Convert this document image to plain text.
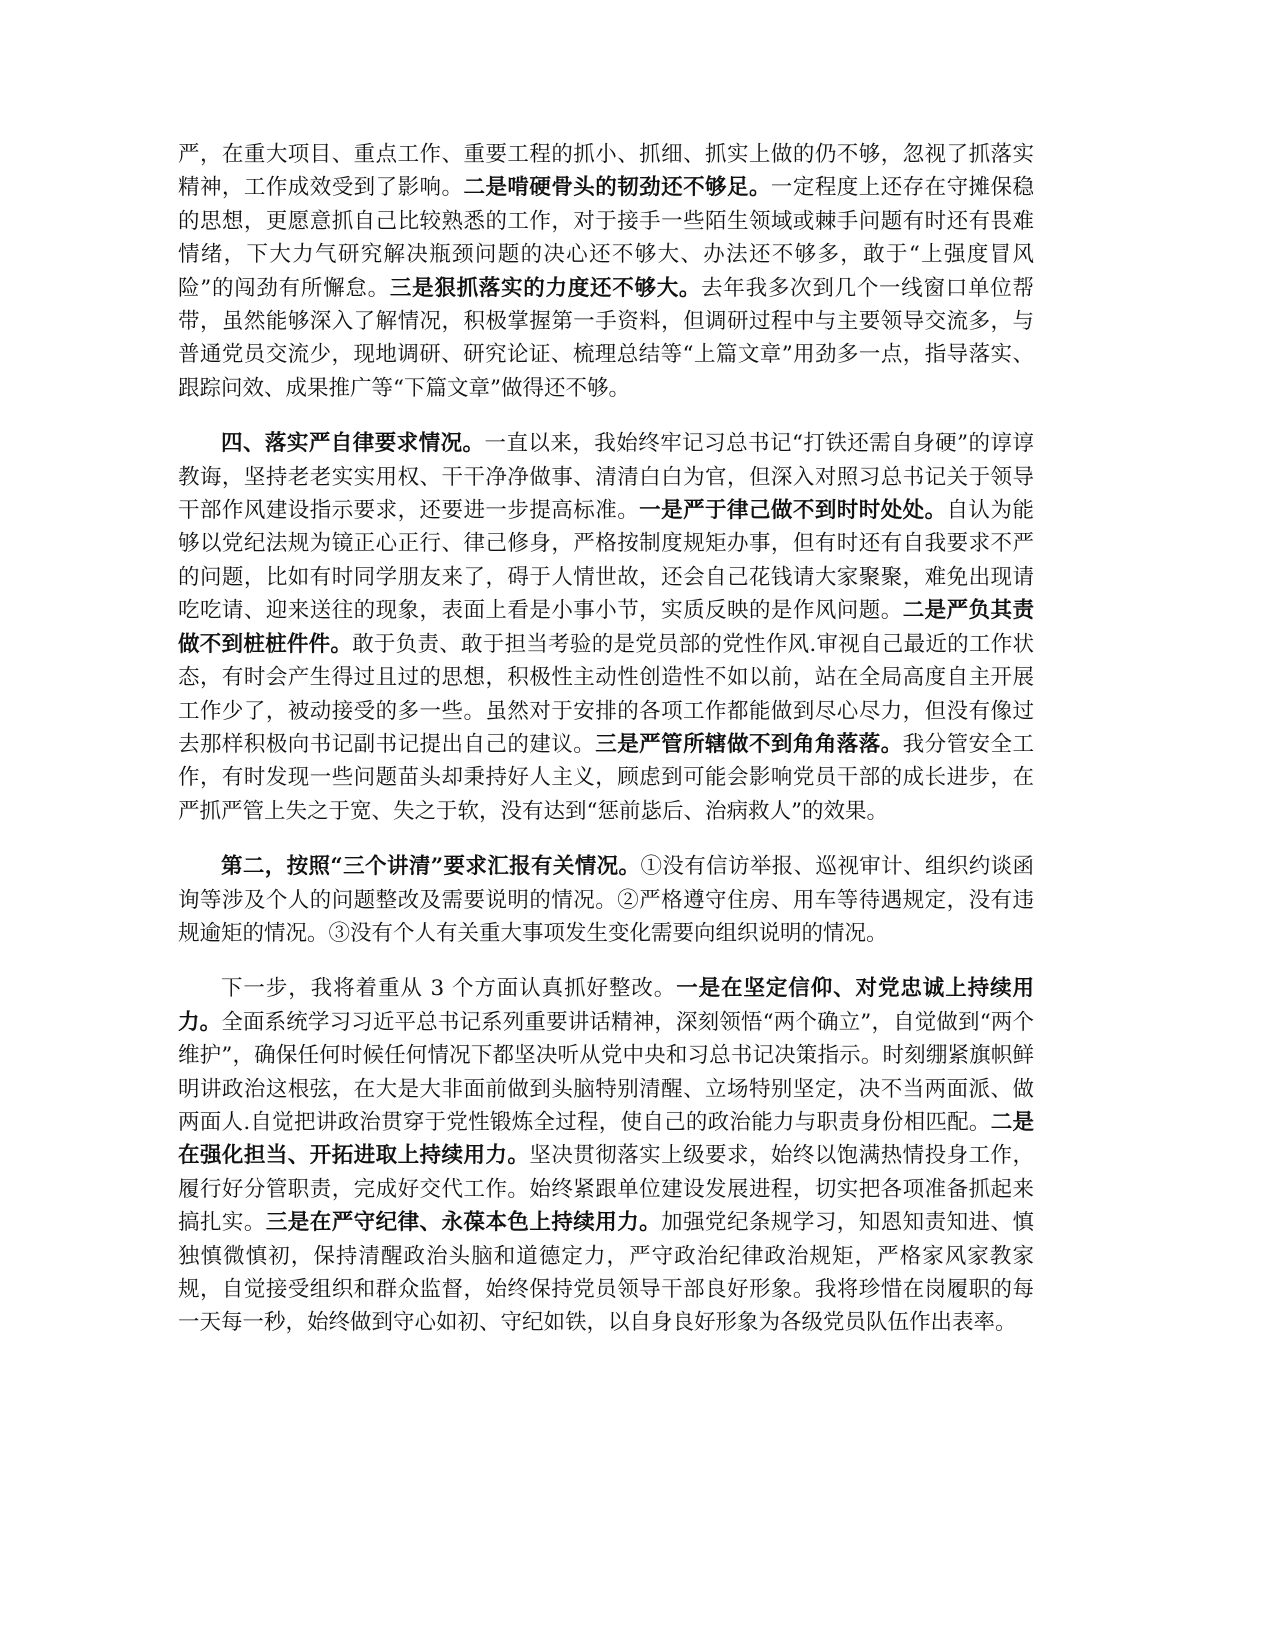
严，在重大项目、重点工作、重要工程的抓小、抓细、抓实上做的仍不够，忽视了抓落实精神，工作成效受到了影响。二是啃硬骨头的韧劲还不够足。一定程度上还存在守摊保稳的思想，更愿意抓自己比较熟悉的工作，对于接手一些陌生领域或棘手问题有时还有畏难情绪，下大力气研究解决瓶颈问题的决心还不够大、办法还不够多，敢于“上强度冒风险”的闯劲有所懈怠。三是狠抓落实的力度还不够大。去年我多次到几个一线窗口单位帮带，虽然能够深入了解情况，积极掌握第一手资料，但调研过程中与主要领导交流多，与普通党员交流少，现地调研、研究论证、梳理总结等“上篇文章”用劲多一点，指导落实、跟踪问效、成果推广等“下篇文章”做得还不够。

四、落实严自律要求情况。一直以来，我始终牢记习总书记“打铁还需自身硬”的谆谆教诲，坚持老老实实用权、干干净净做事、清清白白为官，但深入对照习总书记关于领导干部作风建设指示要求，还要进一步提高标准。一是严于律己做不到时时处处。自认为能够以党纪法规为镜正心正行、律己修身，严格按制度规矩办事，但有时还有自我要求不严的问题，比如有时同学朋友来了，碍于人情世故，还会自己花钱请大家聚聚，难免出现请吃吃请、迎来送往的现象，表面上看是小事小节，实质反映的是作风问题。二是严负其责做不到桩桩件件。敢于负责、敢于担当考验的是党员部的党性作风.审视自己最近的工作状态，有时会产生得过且过的思想，积极性主动性创造性不如以前，站在全局高度自主开展工作少了，被动接受的多一些。虽然对于安排的各项工作都能做到尽心尽力，但没有像过去那样积极向书记副书记提出自己的建议。三是严管所辖做不到角角落落。我分管安全工作，有时发现一些问题苗头却秉持好人主义，顾虑到可能会影响党员干部的成长进步，在严抓严管上失之于宽、失之于软，没有达到“惩前毖后、治病救人”的效果。

第二，按照“三个讲清”要求汇报有关情况。①没有信访举报、巡视审计、组织约谈函询等涉及个人的问题整改及需要说明的情况。②严格遵守住房、用车等待遇规定，没有违规逾矩的情况。③没有个人有关重大事项发生变化需要向组织说明的情况。

下一步，我将着重从 3 个方面认真抓好整改。一是在坚定信仰、对党忠诚上持续用力。全面系统学习习近平总书记系列重要讲话精神，深刻领悟“两个确立”，自觉做到“两个维护”，确保任何时候任何情况下都坚决听从党中央和习总书记决策指示。时刻绷紧旗帜鲜明讲政治这根弦，在大是大非面前做到头脑特别清醒、立场特别坚定，决不当两面派、做两面人.自觉把讲政治贯穿于党性锻炼全过程，使自己的政治能力与职责身份相匹配。二是在强化担当、开拓进取上持续用力。坚决贯彻落实上级要求，始终以饱满热情投身工作，履行好分管职责，完成好交代工作。始终紧跟单位建设发展进程，切实把各项准备抓起来搞扎实。三是在严守纪律、永葆本色上持续用力。加强党纪条规学习，知恩知责知进、慎独慎微慎初，保持清醒政治头脑和道德定力，严守政治纪律政治规矩，严格家风家教家规，自觉接受组织和群众监督，始终保持党员领导干部良好形象。我将珍惜在岗履职的每一天每一秒，始终做到守心如初、守纪如铁，以自身良好形象为各级党员队伍作出表率。
